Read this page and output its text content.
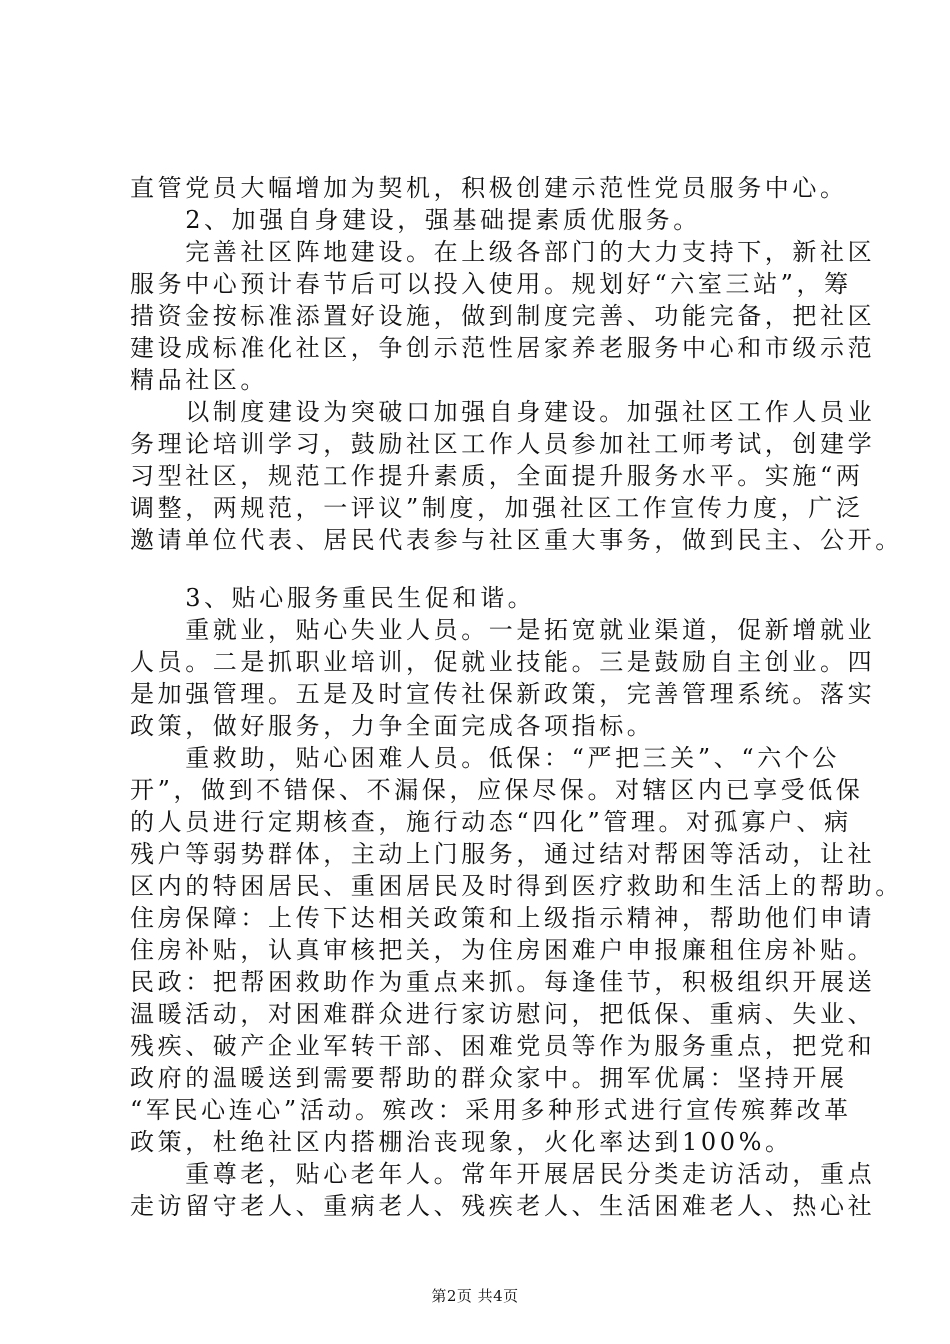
直管党员大幅增加为契机，积极创建示范性党员服务中心。
　　2、加强自身建设，强基础提素质优服务。
　　完善社区阵地建设。在上级各部门的大力支持下，新社区
服务中心预计春节后可以投入使用。规划好“六室三站”，筹
措资金按标准添置好设施，做到制度完善、功能完备，把社区
建设成标准化社区，争创示范性居家养老服务中心和市级示范
精品社区。
　　以制度建设为突破口加强自身建设。加强社区工作人员业
务理论培训学习，鼓励社区工作人员参加社工师考试，创建学
习型社区，规范工作提升素质，全面提升服务水平。实施“两
调整，两规范，一评议”制度，加强社区工作宣传力度，广泛
邀请单位代表、居民代表参与社区重大事务，做到民主、公开。
　　3、贴心服务重民生促和谐。
　　重就业，贴心失业人员。一是拓宽就业渠道，促新增就业
人员。二是抓职业培训，促就业技能。三是鼓励自主创业。四
是加强管理。五是及时宣传社保新政策，完善管理系统。落实
政策，做好服务，力争全面完成各项指标。
　　重救助，贴心困难人员。低保：“严把三关”、“六个公
开”，做到不错保、不漏保，应保尽保。对辖区内已享受低保
的人员进行定期核查，施行动态“四化”管理。对孤寡户、病
残户等弱势群体，主动上门服务，通过结对帮困等活动，让社
区内的特困居民、重困居民及时得到医疗救助和生活上的帮助。
住房保障：上传下达相关政策和上级指示精神，帮助他们申请
住房补贴，认真审核把关，为住房困难户申报廉租住房补贴。
民政：把帮困救助作为重点来抓。每逢佳节，积极组织开展送
温暖活动，对困难群众进行家访慰问，把低保、重病、失业、
残疾、破产企业军转干部、困难党员等作为服务重点，把党和
政府的温暖送到需要帮助的群众家中。拥军优属：坚持开展
“军民心连心”活动。殡改：采用多种形式进行宣传殡葬改革
政策，杜绝社区内搭棚治丧现象，火化率达到100%。
　　重尊老，贴心老年人。常年开展居民分类走访活动，重点
走访留守老人、重病老人、残疾老人、生活困难老人、热心社
第2页 共4页
